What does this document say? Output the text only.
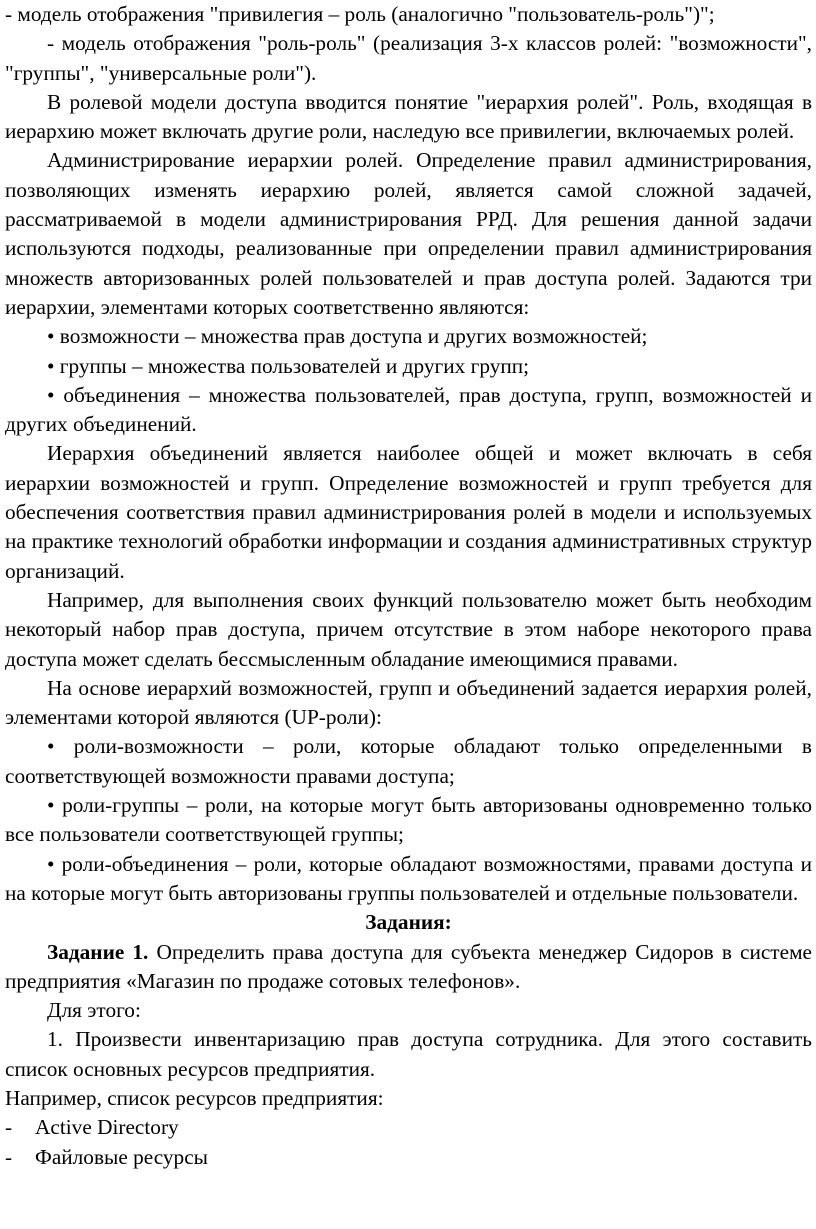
- модель отображения "привилегия – роль (аналогично "пользователь-роль")";

- модель отображения "роль-роль" (реализация 3-х классов ролей: "возможности", "группы", "универсальные роли").

В ролевой модели доступа вводится понятие "иерархия ролей". Роль, входящая в иерархию может включать другие роли, наследую все привилегии, включаемых ролей.

Администрирование иерархии ролей. Определение правил администрирования, позволяющих изменять иерархию ролей, является самой сложной задачей, рассматриваемой в модели администрирования РРД. Для решения данной задачи используются подходы, реализованные при определении правил администрирования множеств авторизованных ролей пользователей и прав доступа ролей. Задаются три иерархии, элементами которых соответственно являются:

• возможности – множества прав доступа и других возможностей;

• группы – множества пользователей и других групп;

• объединения – множества пользователей, прав доступа, групп, возможностей и других объединений.

Иерархия объединений является наиболее общей и может включать в себя иерархии возможностей и групп. Определение возможностей и групп требуется для обеспечения соответствия правил администрирования ролей в модели и используемых на практике технологий обработки информации и создания административных структур организаций.

Например, для выполнения своих функций пользователю может быть необходим некоторый набор прав доступа, причем отсутствие в этом наборе некоторого права доступа может сделать бессмысленным обладание имеющимися правами.

На основе иерархий возможностей, групп и объединений задается иерархия ролей, элементами которой являются (UP-роли):

• роли-возможности – роли, которые обладают только определенными в соответствующей возможности правами доступа;

• роли-группы – роли, на которые могут быть авторизованы одновременно только все пользователи соответствующей группы;

• роли-объединения – роли, которые обладают возможностями, правами доступа и на которые могут быть авторизованы группы пользователей и отдельные пользователи.

Задания:

Задание 1. Определить права доступа для субъекта менеджер Сидоров в системе предприятия «Магазин по продаже сотовых телефонов».

Для этого:

1. Произвести инвентаризацию прав доступа сотрудника. Для этого составить список основных ресурсов предприятия.

Например, список ресурсов предприятия:

-	Active Directory
-	Файловые ресурсы
